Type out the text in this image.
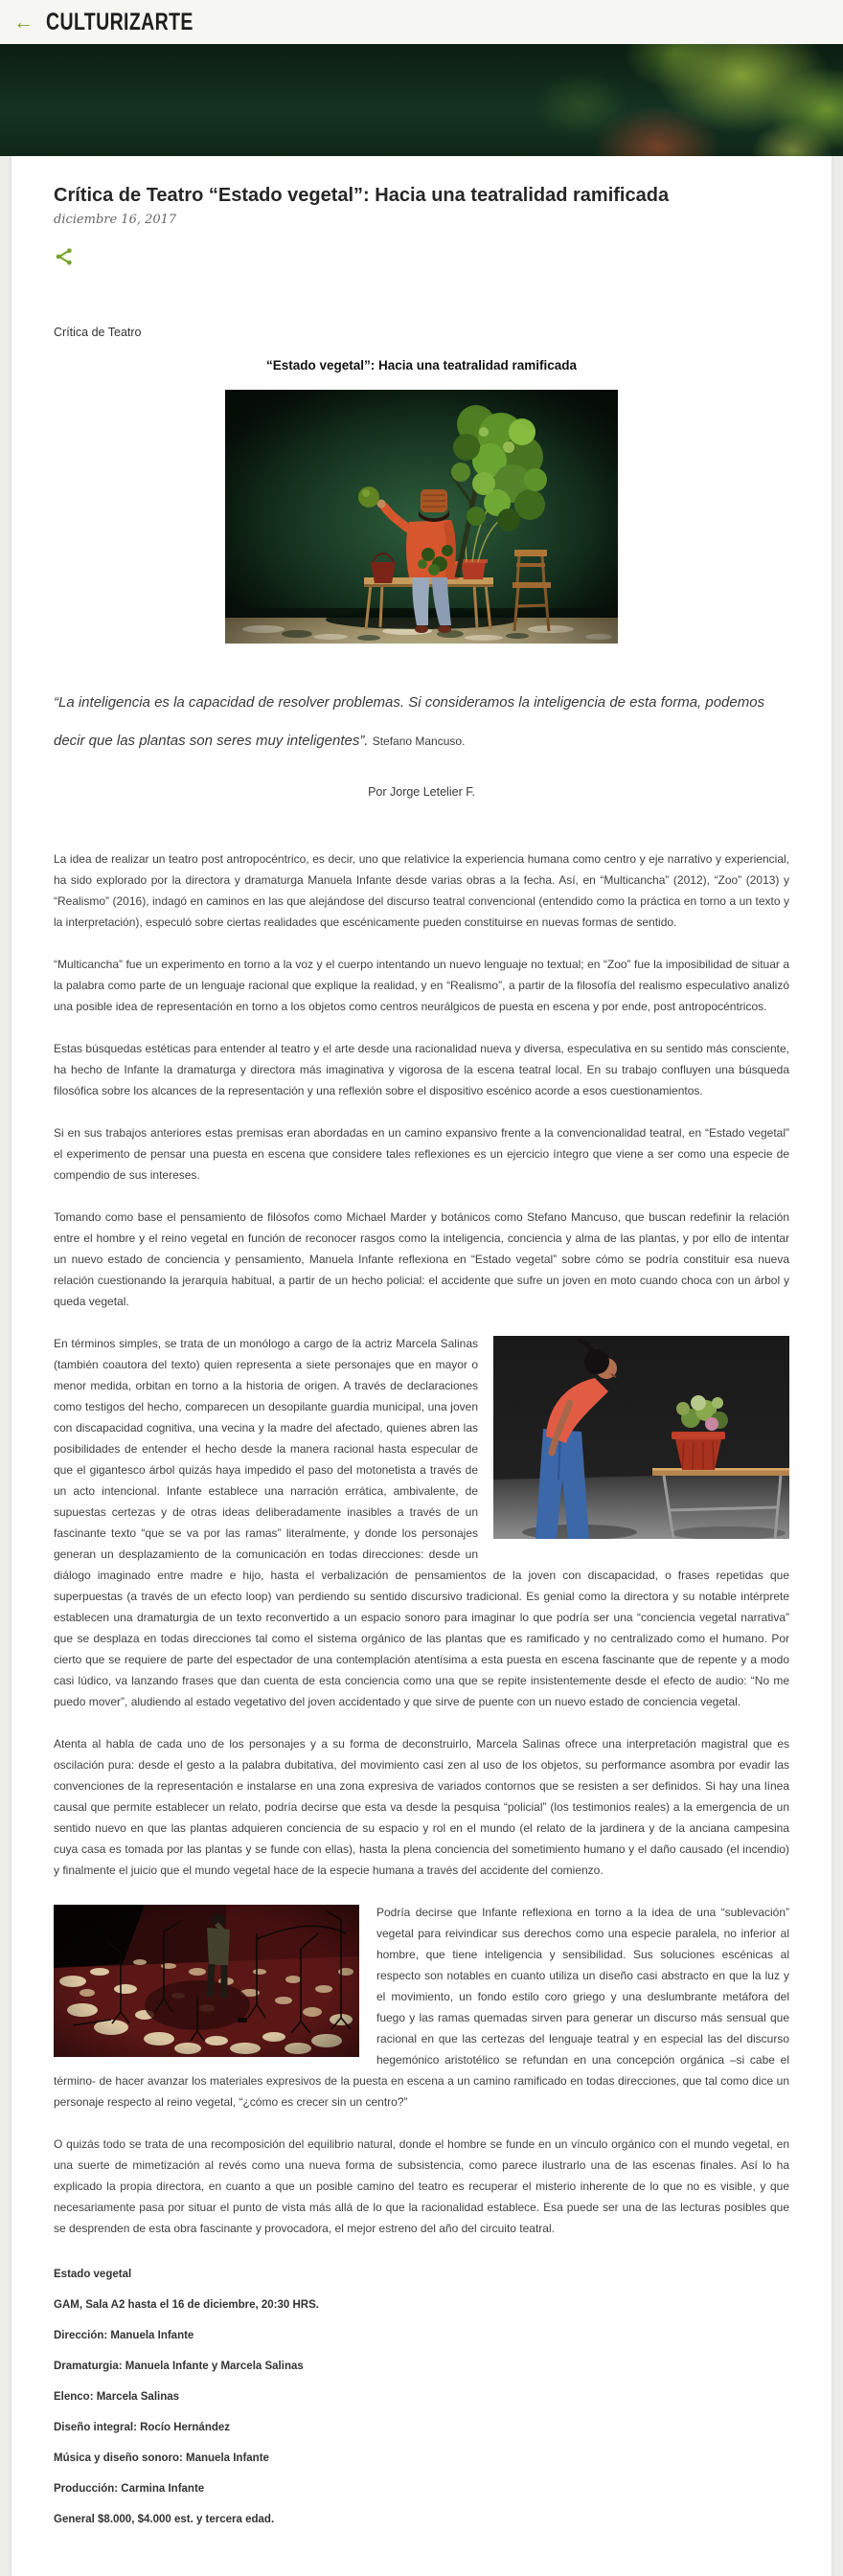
← CULTURIZARTE
Crítica de Teatro “Estado vegetal”: Hacia una teatralidad ramificada
diciembre 16, 2017
Crítica de Teatro
“Estado vegetal”: Hacia una teatralidad ramificada
“La inteligencia es la capacidad de resolver problemas. Si consideramos la inteligencia de esta forma, podemos decir que las plantas son seres muy inteligentes”. Stefano Mancuso.
Por Jorge Letelier F.

La idea de realizar un teatro post antropocéntrico, es decir, uno que relativice la experiencia humana como centro y eje narrativo y experiencial, ha sido explorado por la directora y dramaturga Manuela Infante desde varias obras a la fecha. Así, en “Multicancha” (2012), “Zoo” (2013) y “Realismo” (2016), indagó en caminos en las que alejándose del discurso teatral convencional (entendido como la práctica en torno a un texto y la interpretación), especuló sobre ciertas realidades que escénicamente pueden constituirse en nuevas formas de sentido.

“Multicancha” fue un experimento en torno a la voz y el cuerpo intentando un nuevo lenguaje no textual; en “Zoo” fue la imposibilidad de situar a la palabra como parte de un lenguaje racional que explique la realidad, y en “Realismo”, a partir de la filosofía del realismo especulativo analizó una posible idea de representación en torno a los objetos como centros neurálgicos de puesta en escena y por ende, post antropocéntricos.

Estas búsquedas estéticas para entender al teatro y el arte desde una racionalidad nueva y diversa, especulativa en su sentido más consciente, ha hecho de Infante la dramaturga y directora más imaginativa y vigorosa de la escena teatral local. En su trabajo confluyen una búsqueda filosófica sobre los alcances de la representación y una reflexión sobre el dispositivo escénico acorde a esos cuestionamientos.

Si en sus trabajos anteriores estas premisas eran abordadas en un camino expansivo frente a la convencionalidad teatral, en “Estado vegetal” el experimento de pensar una puesta en escena que considere tales reflexiones es un ejercicio íntegro que viene a ser como una especie de compendio de sus intereses.

Tomando como base el pensamiento de filósofos como Michael Marder y botánicos como Stefano Mancuso, que buscan redefinir la relación entre el hombre y el reino vegetal en función de reconocer rasgos como la inteligencia, conciencia y alma de las plantas, y por ello de intentar un nuevo estado de conciencia y pensamiento, Manuela Infante reflexiona en “Estado vegetal” sobre cómo se podría constituir esa nueva relación cuestionando la jerarquía habitual, a partir de un hecho policial: el accidente que sufre un joven en moto cuando choca con un árbol y queda vegetal.

En términos simples, se trata de un monólogo a cargo de la actriz Marcela Salinas (también coautora del texto) quien representa a siete personajes que en mayor o menor medida, orbitan en torno a la historia de origen. A través de declaraciones como testigos del hecho, comparecen un desopilante guardia municipal, una joven con discapacidad cognitiva, una vecina y la madre del afectado, quienes abren las posibilidades de entender el hecho desde la manera racional hasta especular de que el gigantesco árbol quizás haya impedido el paso del motonetista a través de un acto intencional. Infante establece una narración errática, ambivalente, de supuestas certezas y de otras ideas deliberadamente inasibles a través de un fascinante texto “que se va por las ramas” literalmente, y donde los personajes generan un desplazamiento de la comunicación en todas direcciones: desde un diálogo imaginado entre madre e hijo, hasta el verbalización de pensamientos de la joven con discapacidad, o frases repetidas que superpuestas (a través de un efecto loop) van perdiendo su sentido discursivo tradicional. Es genial como la directora y su notable intérprete establecen una dramaturgia de un texto reconvertido a un espacio sonoro para imaginar lo que podría ser una “conciencia vegetal narrativa” que se desplaza en todas direcciones tal como el sistema orgánico de las plantas que es ramificado y no centralizado como el humano. Por cierto que se requiere de parte del espectador de una contemplación atentísima a esta puesta en escena fascinante que de repente y a modo casi lúdico, va lanzando frases que dan cuenta de esta conciencia como una que se repite insistentemente desde el efecto de audio: “No me puedo mover”, aludiendo al estado vegetativo del joven accidentado y que sirve de puente con un nuevo estado de conciencia vegetal.

Atenta al habla de cada uno de los personajes y a su forma de deconstruirlo, Marcela Salinas ofrece una interpretación magistral que es oscilación pura: desde el gesto a la palabra dubitativa, del movimiento casi zen al uso de los objetos, su performance asombra por evadir las convenciones de la representación e instalarse en una zona expresiva de variados contornos que se resisten a ser definidos. Si hay una línea causal que permite establecer un relato, podría decirse que esta va desde la pesquisa “policial” (los testimonios reales) a la emergencia de un sentido nuevo en que las plantas adquieren conciencia de su espacio y rol en el mundo (el relato de la jardinera y de la anciana campesina cuya casa es tomada por las plantas y se funde con ellas), hasta la plena conciencia del sometimiento humano y el daño causado (el incendio) y finalmente el juicio que el mundo vegetal hace de la especie humana a través del accidente del comienzo.

Podría decirse que Infante reflexiona en torno a la idea de una “sublevación” vegetal para reivindicar sus derechos como una especie paralela, no inferior al hombre, que tiene inteligencia y sensibilidad. Sus soluciones escénicas al respecto son notables en cuanto utiliza un diseño casi abstracto en que la luz y el movimiento, un fondo estilo coro griego y una deslumbrante metáfora del fuego y las ramas quemadas sirven para generar un discurso más sensual que racional en que las certezas del lenguaje teatral y en especial las del discurso hegemónico aristotélico se refundan en una concepción orgánica –si cabe el término- de hacer avanzar los materiales expresivos de la puesta en escena a un camino ramificado en todas direcciones, que tal como dice un personaje respecto al reino vegetal, “¿cómo es crecer sin un centro?”

O quizás todo se trata de una recomposición del equilibrio natural, donde el hombre se funde en un vínculo orgánico con el mundo vegetal, en una suerte de mimetización al revés como una nueva forma de subsistencia, como parece ilustrarlo una de las escenas finales. Así lo ha explicado la propia directora, en cuanto a que un posible camino del teatro es recuperar el misterio inherente de lo que no es visible, y que necesariamente pasa por situar el punto de vista más allá de lo que la racionalidad establece. Esa puede ser una de las lecturas posibles que se desprenden de esta obra fascinante y provocadora, el mejor estreno del año del circuito teatral.

Estado vegetal

GAM, Sala A2 hasta el 16 de diciembre, 20:30 HRS.

Dirección: Manuela Infante

Dramaturgia: Manuela Infante y Marcela Salinas

Elenco: Marcela Salinas

Diseño integral: Rocío Hernández

Música y diseño sonoro: Manuela Infante

Producción: Carmina Infante

General $8.000, $4.000 est. y tercera edad.
